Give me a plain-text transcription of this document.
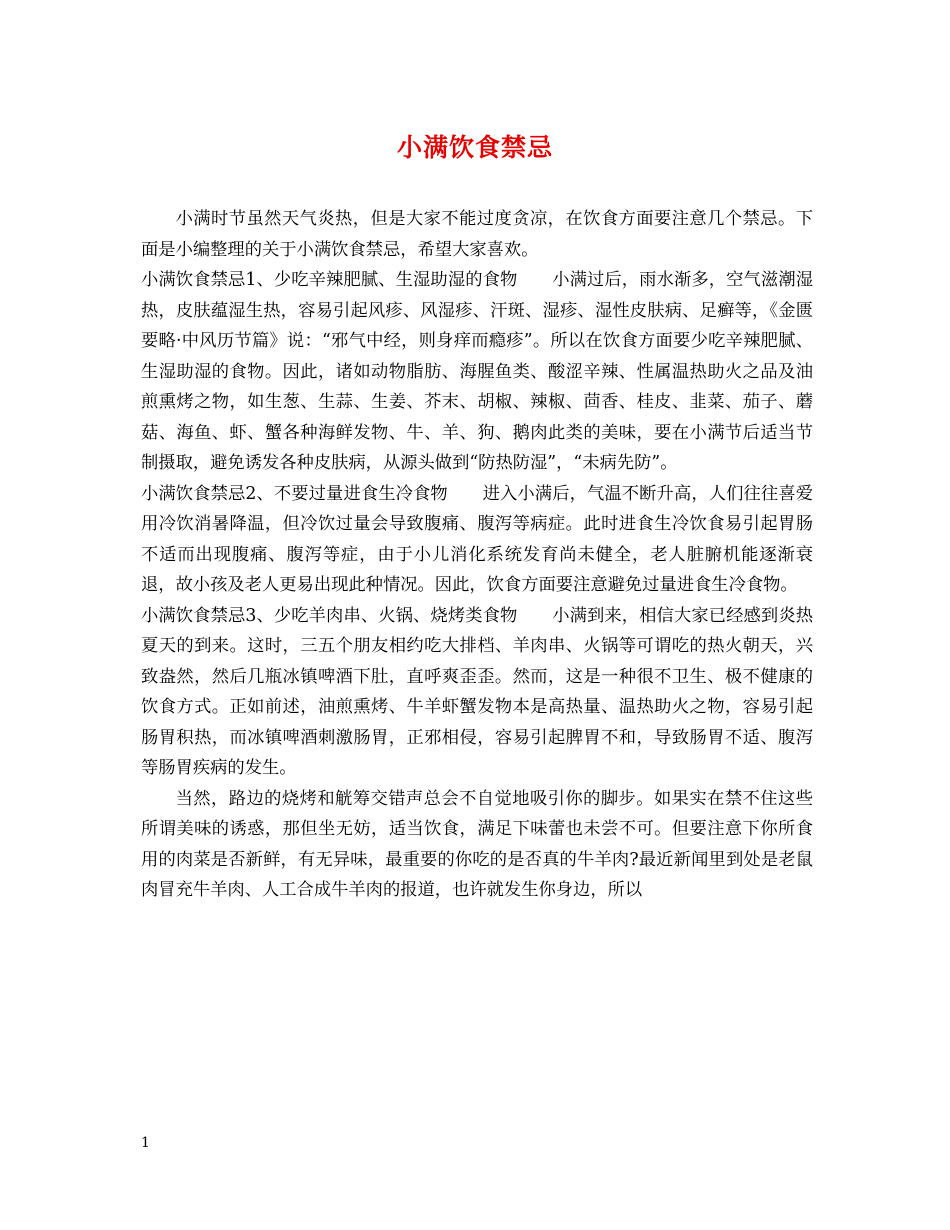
小满饮食禁忌

小满时节虽然天气炎热，但是大家不能过度贪凉，在饮食方面要注意几个禁忌。下面是小编整理的关于小满饮食禁忌，希望大家喜欢。

小满饮食禁忌1、少吃辛辣肥腻、生湿助湿的食物　　小满过后，雨水渐多，空气滋潮湿热，皮肤蕴湿生热，容易引起风疹、风湿疹、汗斑、湿疹、湿性皮肤病、足癣等，《金匮要略·中风历节篇》说：“邪气中经，则身痒而瘾疹”。所以在饮食方面要少吃辛辣肥腻、生湿助湿的食物。因此，诸如动物脂肪、海腥鱼类、酸涩辛辣、性属温热助火之品及油煎熏烤之物，如生葱、生蒜、生姜、芥末、胡椒、辣椒、茴香、桂皮、韭菜、茄子、蘑菇、海鱼、虾、蟹各种海鲜发物、牛、羊、狗、鹅肉此类的美味，要在小满节后适当节制摄取，避免诱发各种皮肤病，从源头做到“防热防湿”，“未病先防”。

小满饮食禁忌2、不要过量进食生冷食物　　进入小满后，气温不断升高，人们往往喜爱用冷饮消暑降温，但冷饮过量会导致腹痛、腹泻等病症。此时进食生冷饮食易引起胃肠不适而出现腹痛、腹泻等症，由于小儿消化系统发育尚未健全，老人脏腑机能逐渐衰退，故小孩及老人更易出现此种情况。因此，饮食方面要注意避免过量进食生冷食物。

小满饮食禁忌3、少吃羊肉串、火锅、烧烤类食物　　小满到来，相信大家已经感到炎热夏天的到来。这时，三五个朋友相约吃大排档、羊肉串、火锅等可谓吃的热火朝天，兴致盎然，然后几瓶冰镇啤酒下肚，直呼爽歪歪。然而，这是一种很不卫生、极不健康的饮食方式。正如前述，油煎熏烤、牛羊虾蟹发物本是高热量、温热助火之物，容易引起肠胃积热，而冰镇啤酒刺激肠胃，正邪相侵，容易引起脾胃不和，导致肠胃不适、腹泻等肠胃疾病的发生。

当然，路边的烧烤和觥筹交错声总会不自觉地吸引你的脚步。如果实在禁不住这些所谓美味的诱惑，那但坐无妨，适当饮食，满足下味蕾也未尝不可。但要注意下你所食用的肉菜是否新鲜，有无异味，最重要的你吃的是否真的牛羊肉?最近新闻里到处是老鼠肉冒充牛羊肉、人工合成牛羊肉的报道，也许就发生你身边，所以

1
